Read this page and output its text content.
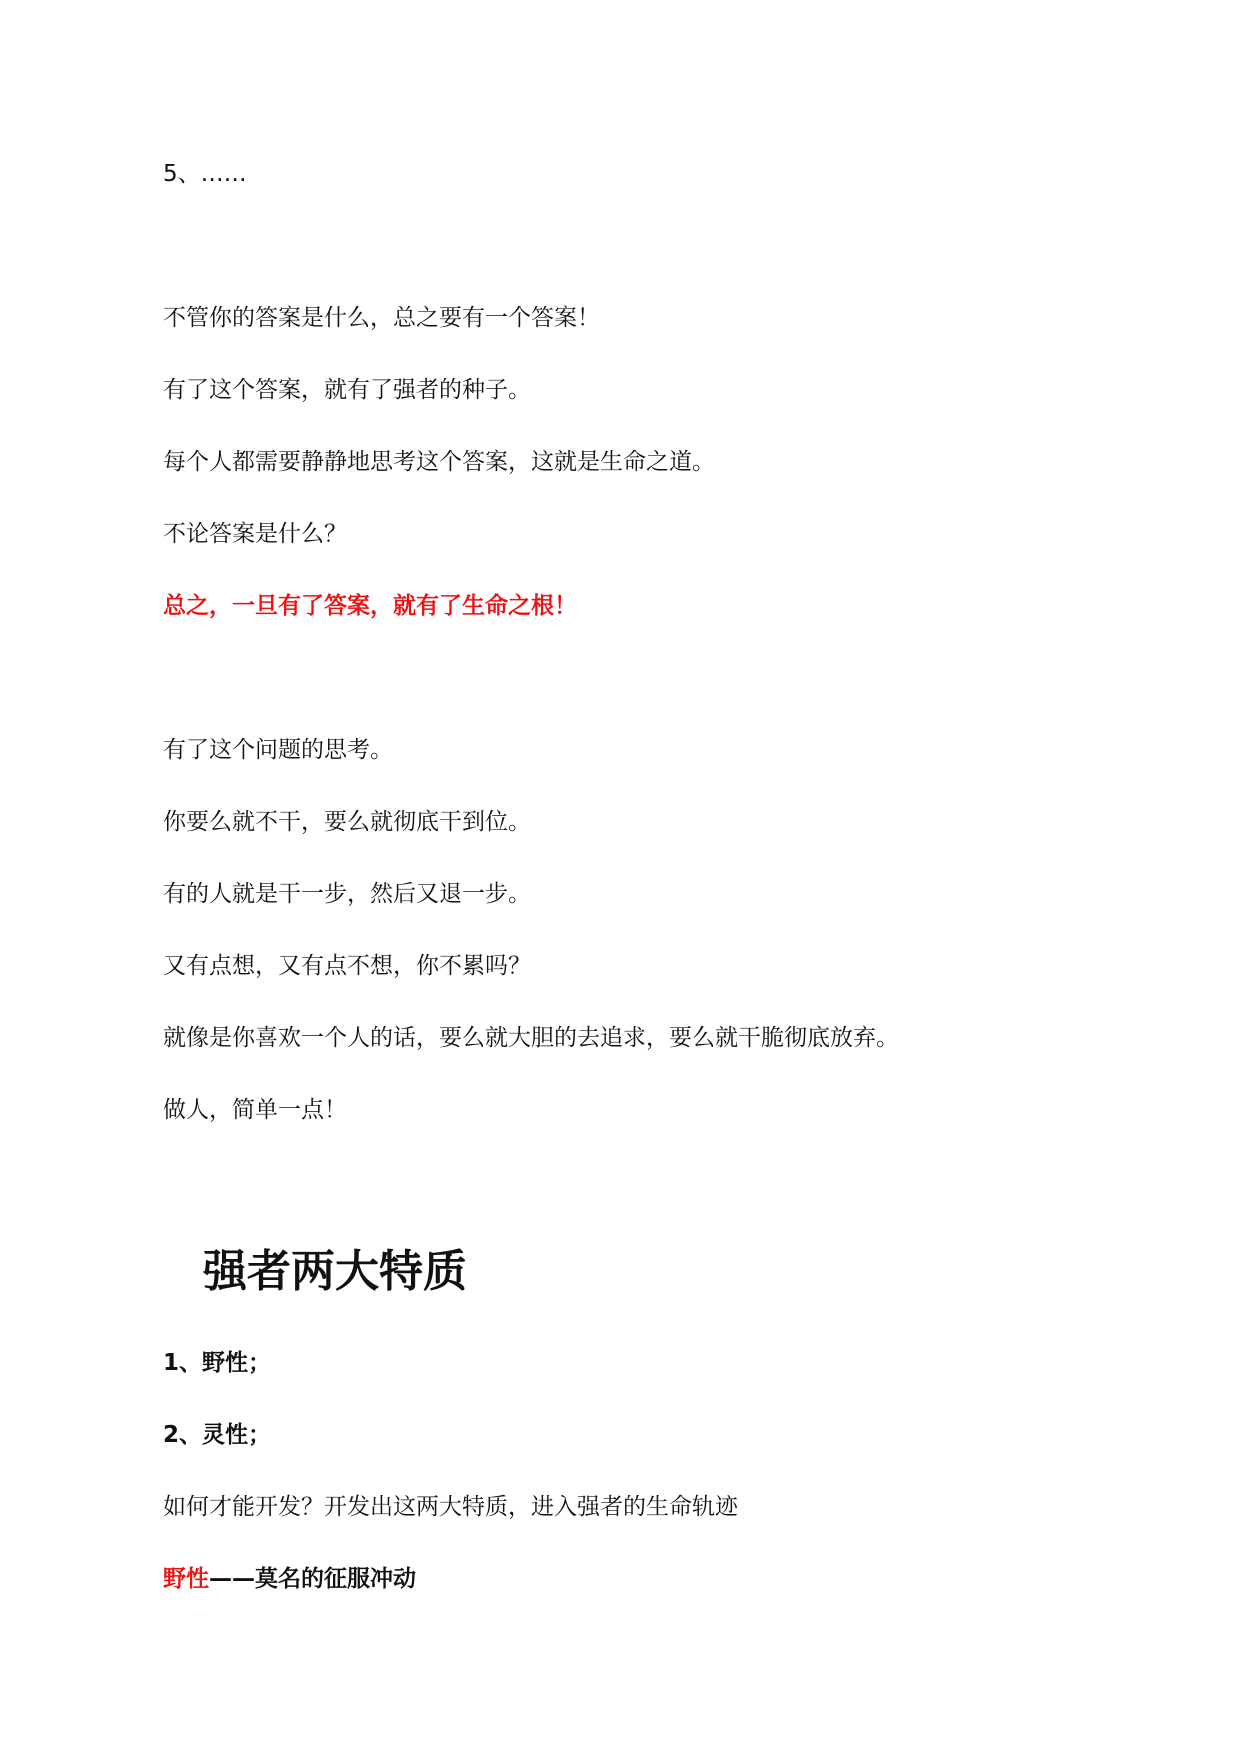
5、……
不管你的答案是什么，总之要有一个答案！
有了这个答案，就有了强者的种子。
每个人都需要静静地思考这个答案，这就是生命之道。
不论答案是什么？
总之，一旦有了答案，就有了生命之根！
有了这个问题的思考。
你要么就不干，要么就彻底干到位。
有的人就是干一步，然后又退一步。
又有点想，又有点不想，你不累吗？
就像是你喜欢一个人的话，要么就大胆的去追求，要么就干脆彻底放弃。
做人，简单一点！
强者两大特质
1、野性；
2、灵性；
如何才能开发？开发出这两大特质，进入强者的生命轨迹
野性——莫名的征服冲动
